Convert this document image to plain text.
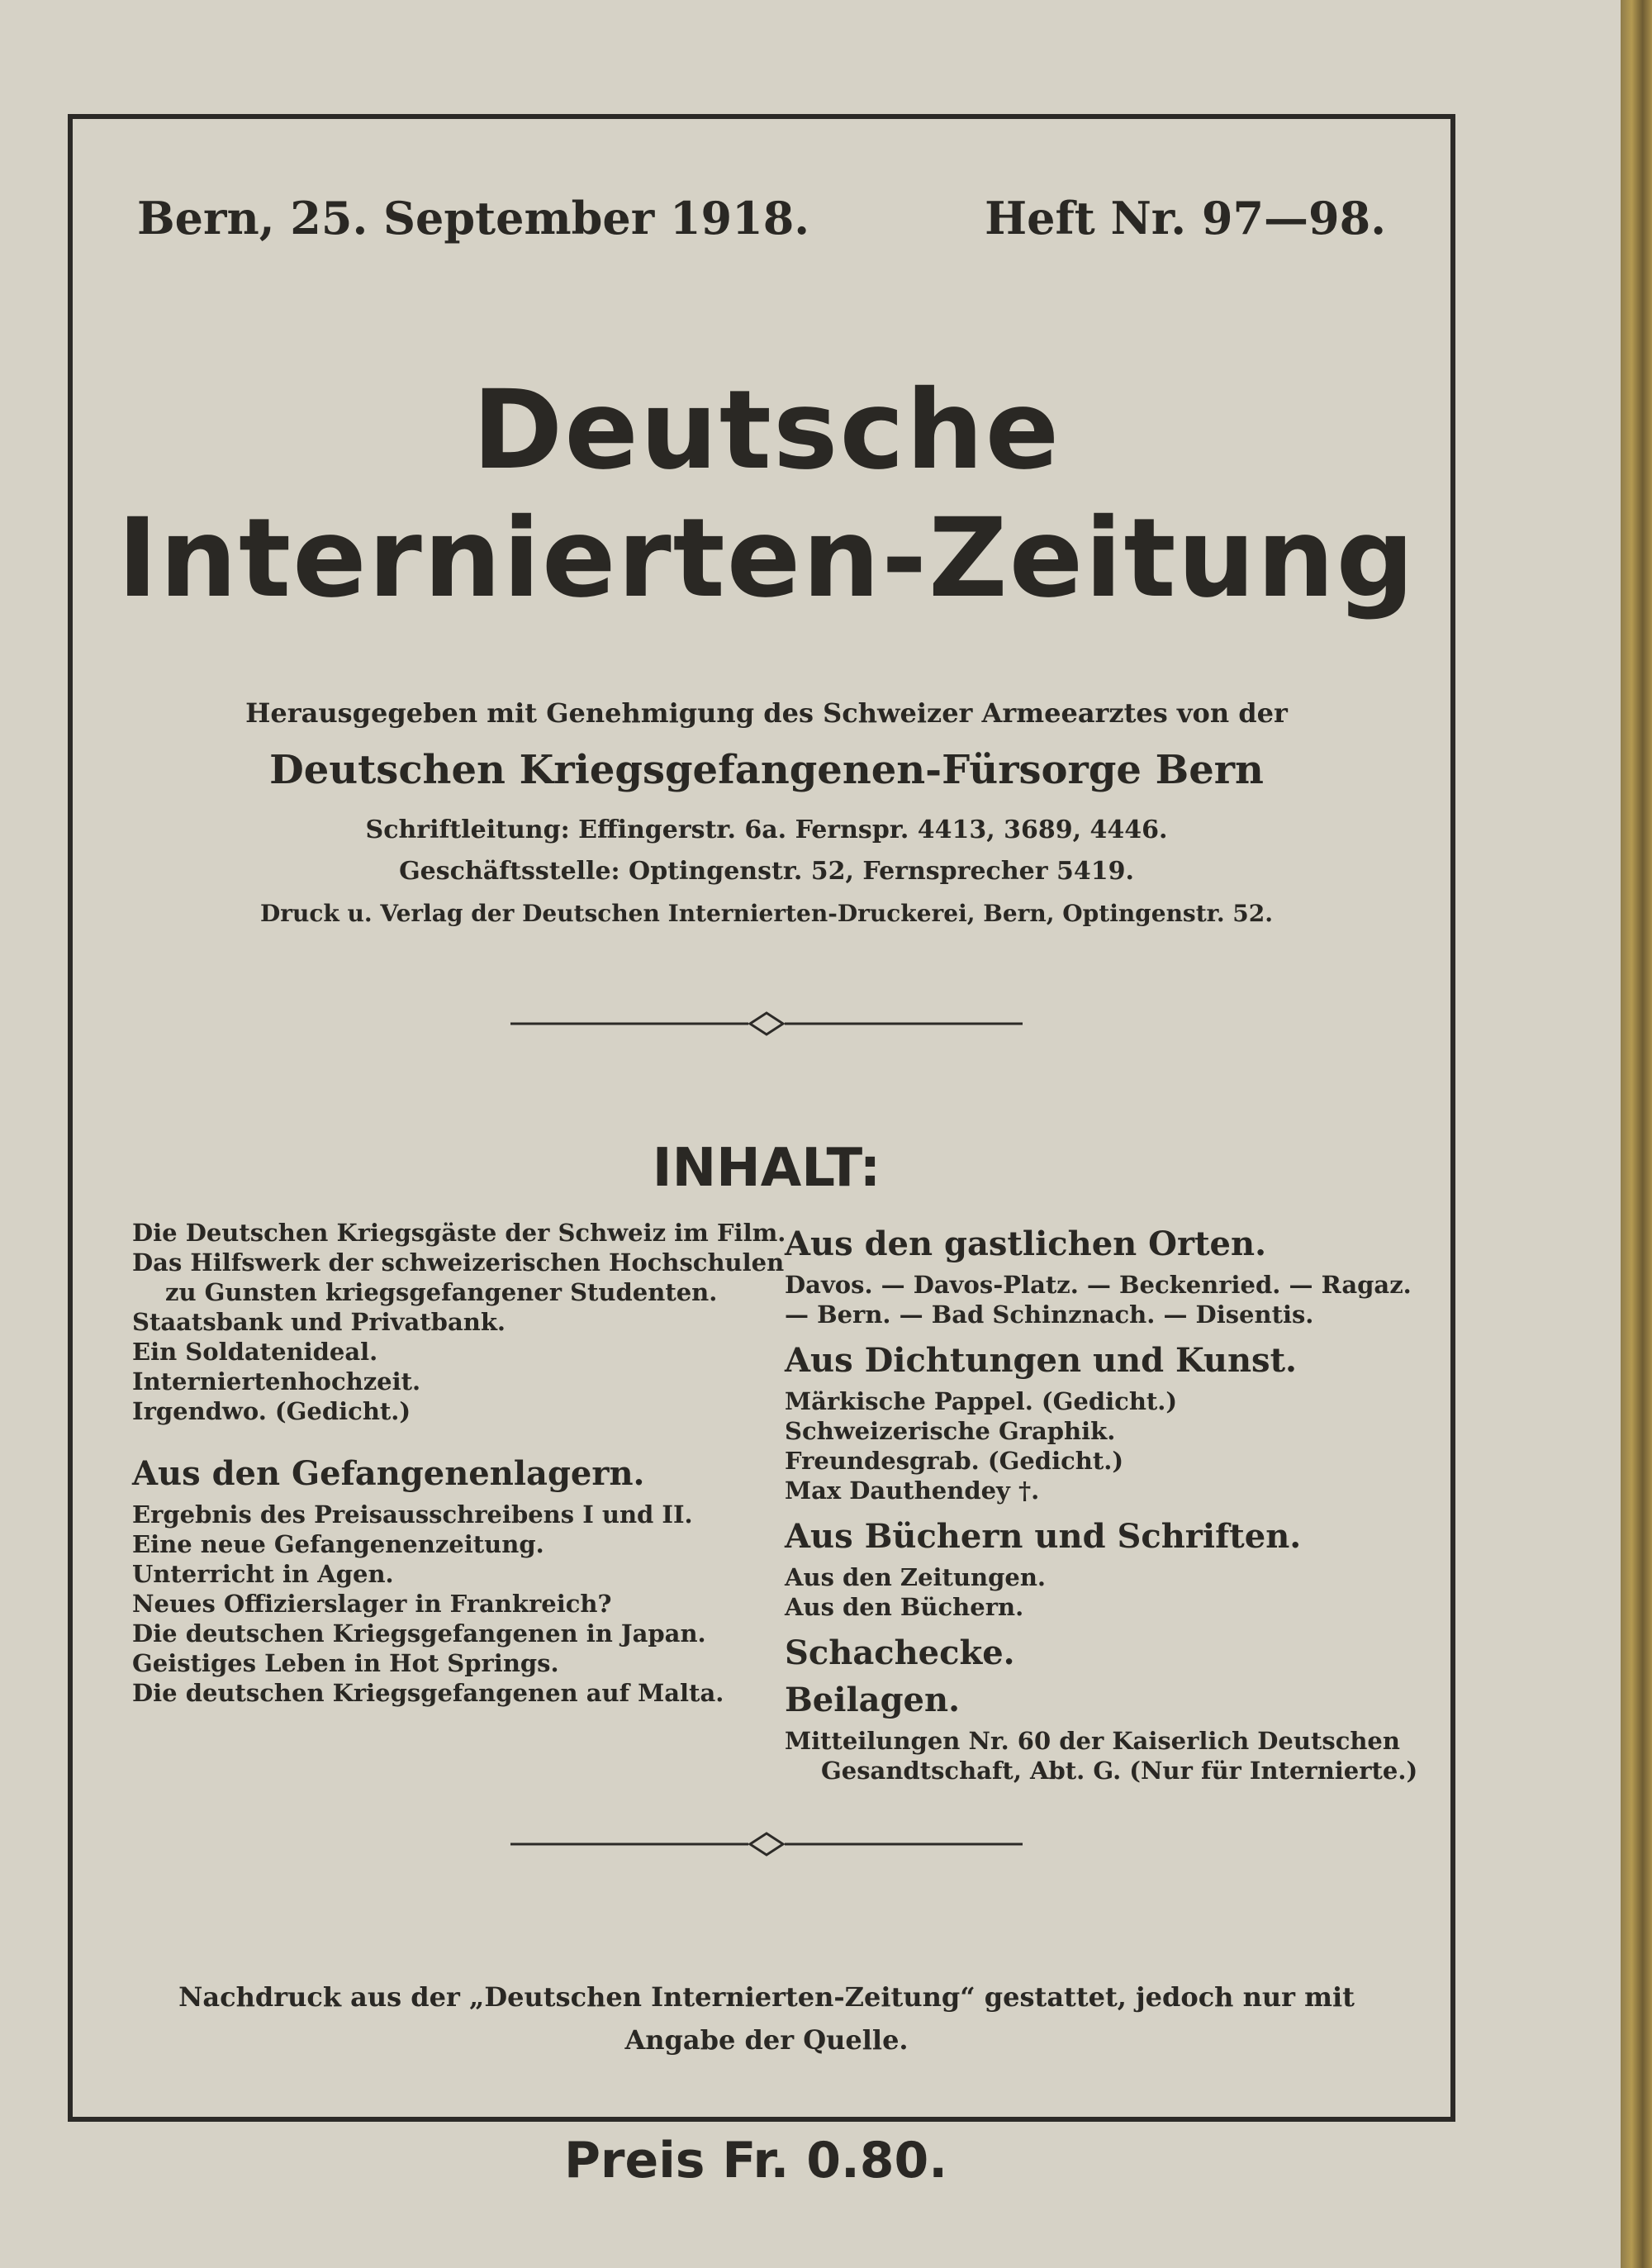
Bern, 25. September 1918.	Heft Nr. 97—98.
Deutsche
Internierten-Zeitung
Herausgegeben mit Genehmigung des Schweizer Armeearztes von der
Deutschen Kriegsgefangenen-Fürsorge Bern
Schriftleitung: Effingerstr. 6a. Fernspr. 4413, 3689, 4446.
Geschäftsstelle: Optingenstr. 52, Fernsprecher 5419.
Druck u. Verlag der Deutschen Internierten-Druckerei, Bern, Optingenstr. 52.
INHALT:
Die Deutschen Kriegsgäste der Schweiz im Film.
Das Hilfswerk der schweizerischen Hochschulen
zu Gunsten kriegsgefangener Studenten.
Staatsbank und Privatbank.
Ein Soldatenideal.
Interniertenhochzeit.
Irgendwo. (Gedicht.)
Aus den Gefangenenlagern.
Ergebnis des Preisausschreibens I und II.
Eine neue Gefangenenzeitung.
Unterricht in Agen.
Neues Offizierslager in Frankreich?
Die deutschen Kriegsgefangenen in Japan.
Geistiges Leben in Hot Springs.
Die deutschen Kriegsgefangenen auf Malta.
Aus den gastlichen Orten.
Davos. — Davos-Platz. — Beckenried. — Ragaz.
— Bern. — Bad Schinznach. — Disentis.
Aus Dichtungen und Kunst.
Märkische Pappel. (Gedicht.)
Schweizerische Graphik.
Freundesgrab. (Gedicht.)
Max Dauthendey †.
Aus Büchern und Schriften.
Aus den Zeitungen.
Aus den Büchern.
Schachecke.
Beilagen.
Mitteilungen Nr. 60 der Kaiserlich Deutschen
Gesandtschaft, Abt. G. (Nur für Internierte.)
Nachdruck aus der „Deutschen Internierten-Zeitung“ gestattet, jedoch nur mit
Angabe der Quelle.
Preis Fr. 0.80.
